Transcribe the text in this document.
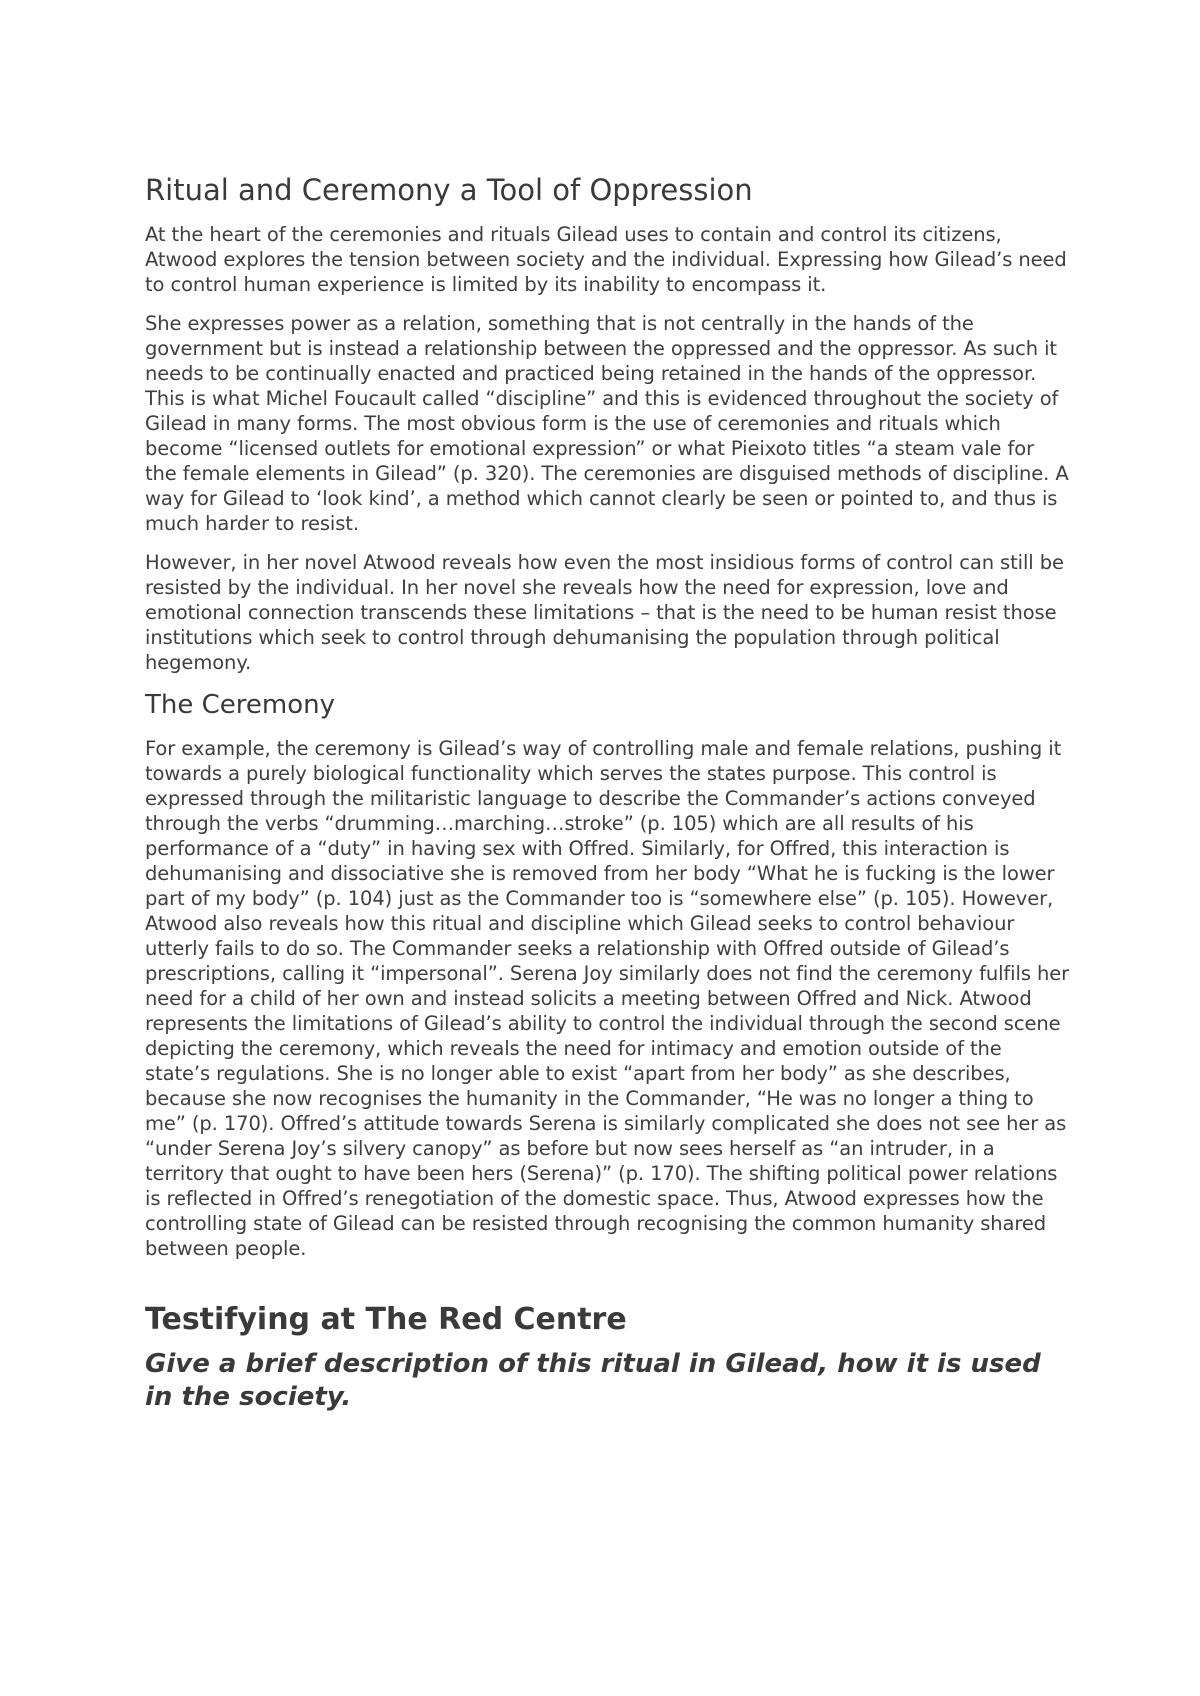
Ritual and Ceremony a Tool of Oppression

At the heart of the ceremonies and rituals Gilead uses to contain and control its citizens, Atwood explores the tension between society and the individual. Expressing how Gilead’s need to control human experience is limited by its inability to encompass it.

She expresses power as a relation, something that is not centrally in the hands of the government but is instead a relationship between the oppressed and the oppressor. As such it needs to be continually enacted and practiced being retained in the hands of the oppressor. This is what Michel Foucault called “discipline” and this is evidenced throughout the society of Gilead in many forms. The most obvious form is the use of ceremonies and rituals which become “licensed outlets for emotional expression” or what Pieixoto titles “a steam vale for the female elements in Gilead” (p. 320). The ceremonies are disguised methods of discipline. A way for Gilead to ‘look kind’, a method which cannot clearly be seen or pointed to, and thus is much harder to resist.

However, in her novel Atwood reveals how even the most insidious forms of control can still be resisted by the individual. In her novel she reveals how the need for expression, love and emotional connection transcends these limitations – that is the need to be human resist those institutions which seek to control through dehumanising the population through political hegemony.

The Ceremony

For example, the ceremony is Gilead’s way of controlling male and female relations, pushing it towards a purely biological functionality which serves the states purpose. This control is expressed through the militaristic language to describe the Commander’s actions conveyed through the verbs “drumming…marching…stroke” (p. 105) which are all results of his performance of a “duty” in having sex with Offred. Similarly, for Offred, this interaction is dehumanising and dissociative she is removed from her body “What he is fucking is the lower part of my body” (p. 104) just as the Commander too is “somewhere else” (p. 105). However, Atwood also reveals how this ritual and discipline which Gilead seeks to control behaviour utterly fails to do so. The Commander seeks a relationship with Offred outside of Gilead’s prescriptions, calling it “impersonal”. Serena Joy similarly does not find the ceremony fulfils her need for a child of her own and instead solicits a meeting between Offred and Nick. Atwood represents the limitations of Gilead’s ability to control the individual through the second scene depicting the ceremony, which reveals the need for intimacy and emotion outside of the state’s regulations. She is no longer able to exist “apart from her body” as she describes, because she now recognises the humanity in the Commander, “He was no longer a thing to me” (p. 170). Offred’s attitude towards Serena is similarly complicated she does not see her as “under Serena Joy’s silvery canopy” as before but now sees herself as “an intruder, in a territory that ought to have been hers (Serena)” (p. 170). The shifting political power relations is reflected in Offred’s renegotiation of the domestic space. Thus, Atwood expresses how the controlling state of Gilead can be resisted through recognising the common humanity shared between people.

Testifying at The Red Centre
Give a brief description of this ritual in Gilead, how it is used in the society.
